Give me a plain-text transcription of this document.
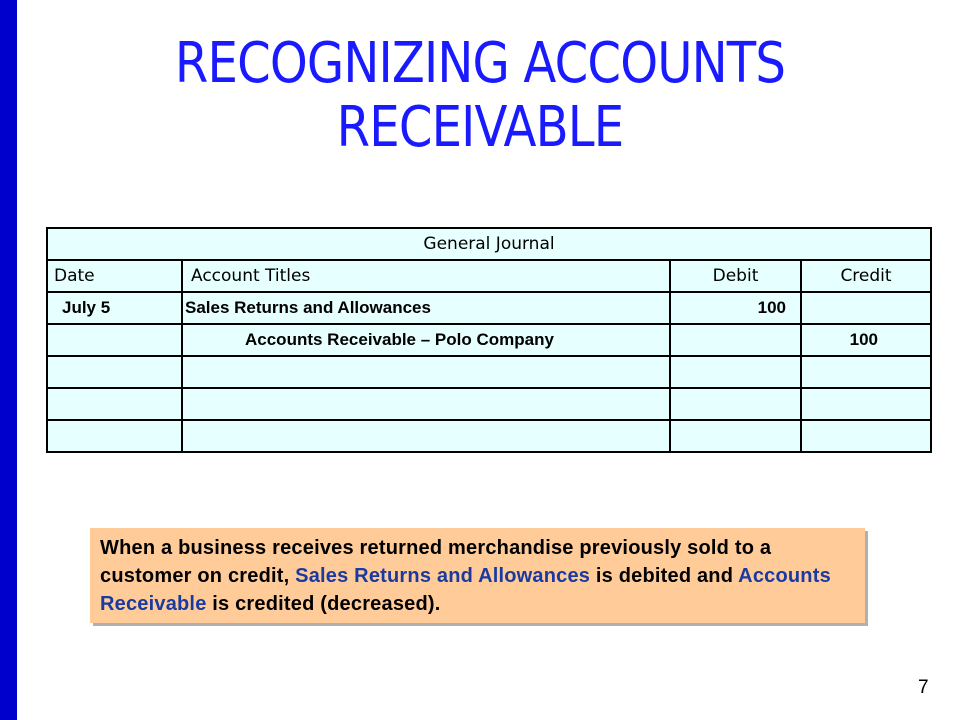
RECOGNIZING ACCOUNTS
RECEIVABLE
General Journal			
Date	Account Titles	Debit	Credit
July 5	Sales Returns and Allowances	100	
	Accounts Receivable – Polo Company		100

When a business receives returned merchandise previously sold to a customer on credit, Sales Returns and Allowances is debited and Accounts Receivable is credited (decreased).
7
